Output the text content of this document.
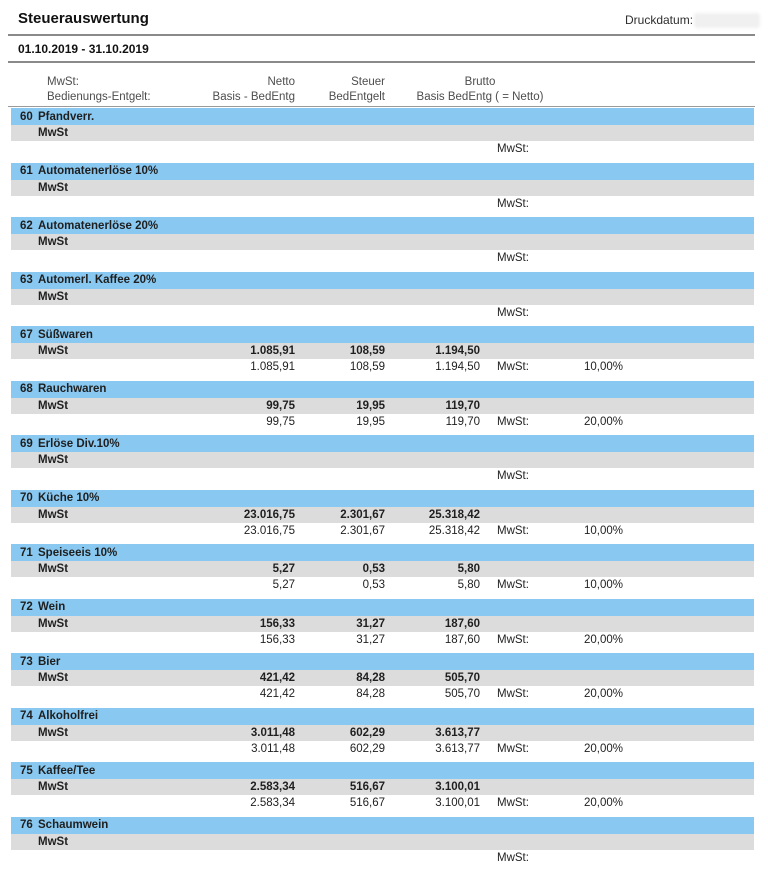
Steuerauswertung	Druckdatum:
01.10.2019 - 31.10.2019
MwSt:	Netto	Steuer	Brutto
Bedienungs-Entgelt:	Basis - BedEntg	BedEntgelt	Basis BedEntg ( = Netto)
60 Pfandverr.
MwSt
MwSt:
61 Automatenerlöse 10%
MwSt
MwSt:
62 Automatenerlöse 20%
MwSt
MwSt:
63 Automerl. Kaffee 20%
MwSt
MwSt:
67 Süßwaren
MwSt	1.085,91	108,59	1.194,50
1.085,91	108,59	1.194,50 MwSt:	10,00%
68 Rauchwaren
MwSt	99,75	19,95	119,70
99,75	19,95	119,70 MwSt:	20,00%
69 Erlöse Div.10%
MwSt
MwSt:
70 Küche 10%
MwSt	23.016,75	2.301,67	25.318,42
23.016,75	2.301,67	25.318,42 MwSt:	10,00%
71 Speiseeis 10%
MwSt	5,27	0,53	5,80
5,27	0,53	5,80 MwSt:	10,00%
72 Wein
MwSt	156,33	31,27	187,60
156,33	31,27	187,60 MwSt:	20,00%
73 Bier
MwSt	421,42	84,28	505,70
421,42	84,28	505,70 MwSt:	20,00%
74 Alkoholfrei
MwSt	3.011,48	602,29	3.613,77
3.011,48	602,29	3.613,77 MwSt:	20,00%
75 Kaffee/Tee
MwSt	2.583,34	516,67	3.100,01
2.583,34	516,67	3.100,01 MwSt:	20,00%
76 Schaumwein
MwSt
MwSt:
